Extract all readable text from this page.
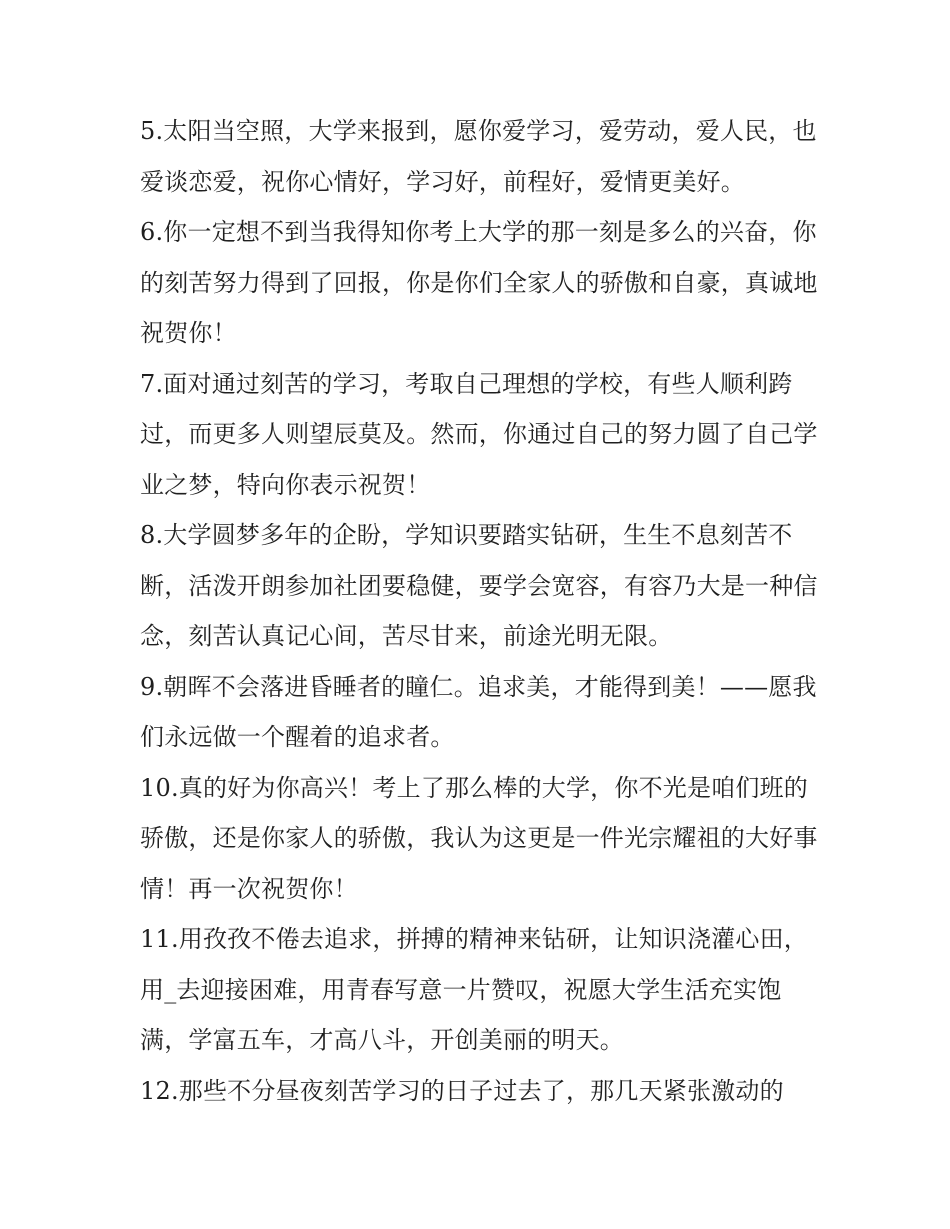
5.太阳当空照，大学来报到，愿你爱学习，爱劳动，爱人民，也爱谈恋爱，祝你心情好，学习好，前程好，爱情更美好。

6.你一定想不到当我得知你考上大学的那一刻是多么的兴奋，你的刻苦努力得到了回报，你是你们全家人的骄傲和自豪，真诚地祝贺你！

7.面对通过刻苦的学习，考取自己理想的学校，有些人顺利跨过，而更多人则望辰莫及。然而，你通过自己的努力圆了自己学业之梦，特向你表示祝贺！

8.大学圆梦多年的企盼，学知识要踏实钻研，生生不息刻苦不断，活泼开朗参加社团要稳健，要学会宽容，有容乃大是一种信念，刻苦认真记心间，苦尽甘来，前途光明无限。

9.朝晖不会落进昏睡者的瞳仁。追求美，才能得到美！——愿我们永远做一个醒着的追求者。

10.真的好为你高兴！考上了那么棒的大学，你不光是咱们班的骄傲，还是你家人的骄傲，我认为这更是一件光宗耀祖的大好事情！再一次祝贺你！

11.用孜孜不倦去追求，拼搏的精神来钻研，让知识浇灌心田，用_去迎接困难，用青春写意一片赞叹，祝愿大学生活充实饱满，学富五车，才高八斗，开创美丽的明天。

12.那些不分昼夜刻苦学习的日子过去了，那几天紧张激动的
